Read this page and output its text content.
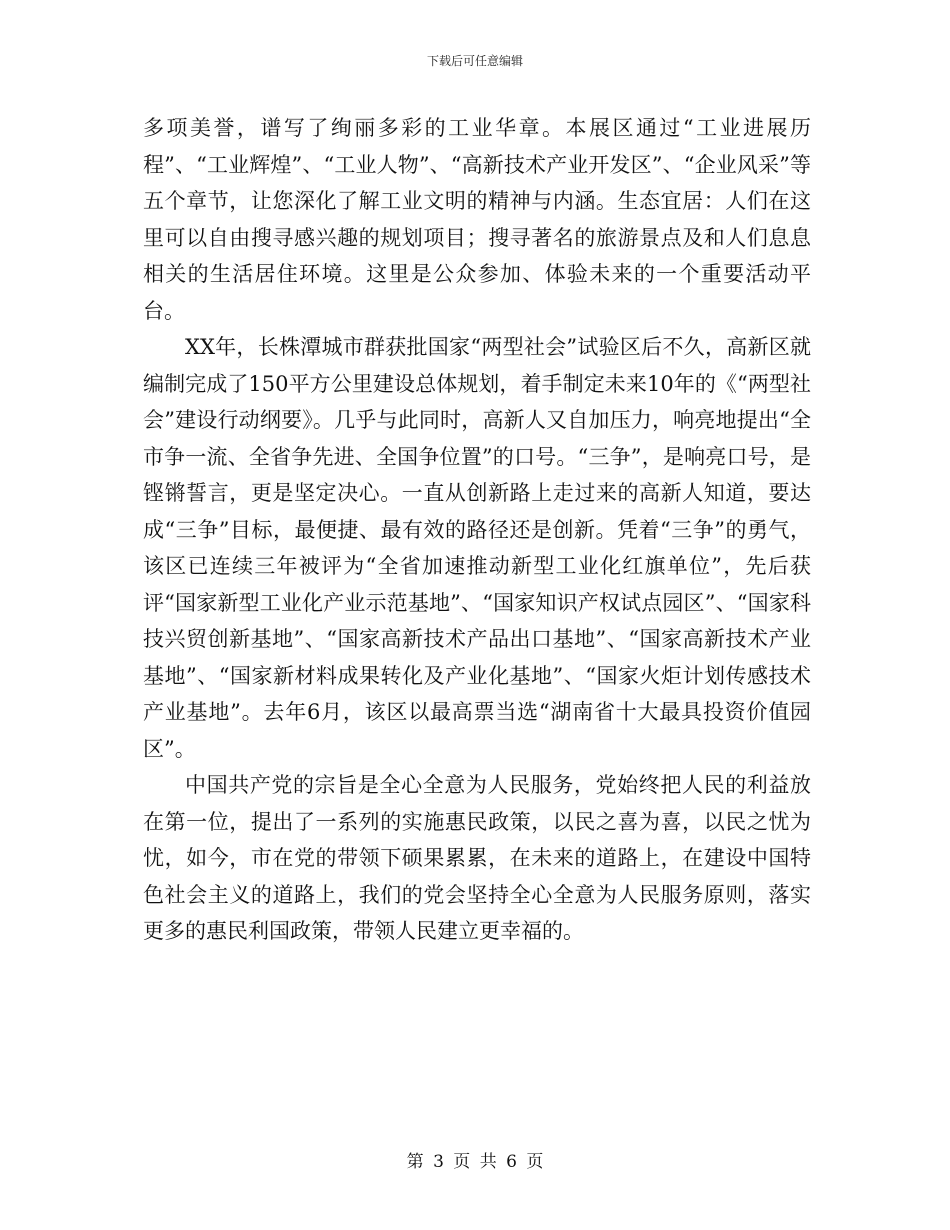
下载后可任意编辑

多项美誉，谱写了绚丽多彩的工业华章。本展区通过“工业进展历程”、“工业辉煌”、“工业人物”、“高新技术产业开发区”、“企业风采”等五个章节，让您深化了解工业文明的精神与内涵。生态宜居：人们在这里可以自由搜寻感兴趣的规划项目；搜寻著名的旅游景点及和人们息息相关的生活居住环境。这里是公众参加、体验未来的一个重要活动平台。

XX年，长株潭城市群获批国家“两型社会”试验区后不久，高新区就编制完成了150平方公里建设总体规划，着手制定未来10年的《“两型社会”建设行动纲要》。几乎与此同时，高新人又自加压力，响亮地提出“全市争一流、全省争先进、全国争位置”的口号。“三争”，是响亮口号，是铿锵誓言，更是坚定决心。一直从创新路上走过来的高新人知道，要达成“三争”目标，最便捷、最有效的路径还是创新。凭着“三争”的勇气，该区已连续三年被评为“全省加速推动新型工业化红旗单位”，先后获评“国家新型工业化产业示范基地”、“国家知识产权试点园区”、“国家科技兴贸创新基地”、“国家高新技术产品出口基地”、“国家高新技术产业基地”、“国家新材料成果转化及产业化基地”、“国家火炬计划传感技术产业基地”。去年6月，该区以最高票当选“湖南省十大最具投资价值园区”。

中国共产党的宗旨是全心全意为人民服务，党始终把人民的利益放在第一位，提出了一系列的实施惠民政策，以民之喜为喜，以民之忧为忧，如今，市在党的带领下硕果累累，在未来的道路上，在建设中国特色社会主义的道路上，我们的党会坚持全心全意为人民服务原则，落实更多的惠民利国政策，带领人民建立更幸福的。

第 3 页 共 6 页
